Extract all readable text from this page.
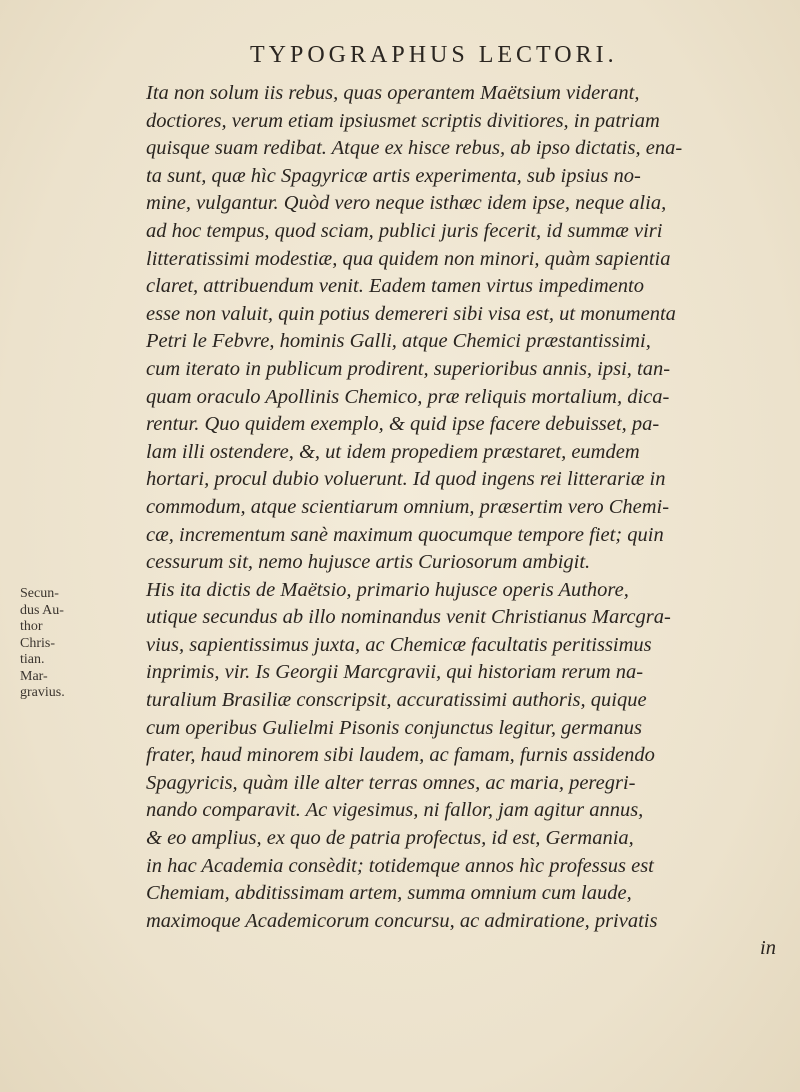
TYPOGRAPHUS LECTORI.
Ita non solum iis rebus, quas operantem Maëtsium viderant,
doctiores, verum etiam ipsiusmet scriptis divitiores, in patriam
quisque suam redibat. Atque ex hisce rebus, ab ipso dictatis, ena-
ta sunt, quæ hìc Spagyricæ artis experimenta, sub ipsius no-
mine, vulgantur. Quòd vero neque isthæc idem ipse, neque alia,
ad hoc tempus, quod sciam, publici juris fecerit, id summæ viri
litteratissimi modestiæ, qua quidem non minori, quàm sapientia
claret, attribuendum venit. Eadem tamen virtus impedimento
esse non valuit, quin potius demereri sibi visa est, ut monumenta
Petri le Febvre, hominis Galli, atque Chemici præstantissimi,
cum iterato in publicum prodirent, superioribus annis, ipsi, tan-
quam oraculo Apollinis Chemico, præ reliquis mortalium, dica-
rentur. Quo quidem exemplo, & quid ipse facere debuisset, pa-
lam illi ostendere, &, ut idem propediem præstaret, eumdem
hortari, procul dubio voluerunt. Id quod ingens rei litterariæ in
commodum, atque scientiarum omnium, præsertim vero Chemi-
cæ, incrementum sanè maximum quocumque tempore fiet; quin
cessurum sit, nemo hujusce artis Curiosorum ambigit.
His ita dictis de Maëtsio, primario hujusce operis Authore,
utique secundus ab illo nominandus venit Christianus Marcgra-
vius, sapientissimus juxta, ac Chemicæ facultatis peritissimus
inprimis, vir. Is Georgii Marcgravii, qui historiam rerum na-
turalium Brasiliæ conscripsit, accuratissimi authoris, quique
cum operibus Gulielmi Pisonis conjunctus legitur, germanus
frater, haud minorem sibi laudem, ac famam, furnis assidendo
Spagyricis, quàm ille alter terras omnes, ac maria, peregri-
nando comparavit. Ac vigesimus, ni fallor, jam agitur annus,
& eo amplius, ex quo de patria profectus, id est, Germania,
in hac Academia consèdit; totidemque annos hìc professus est
Chemiam, abditissimam artem, summa omnium cum laude,
maximoque Academicorum concursu, ac admiratione, privatis
in
Secun-
dus Au-
thor
Chris-
tian.
Mar-
gravius.
